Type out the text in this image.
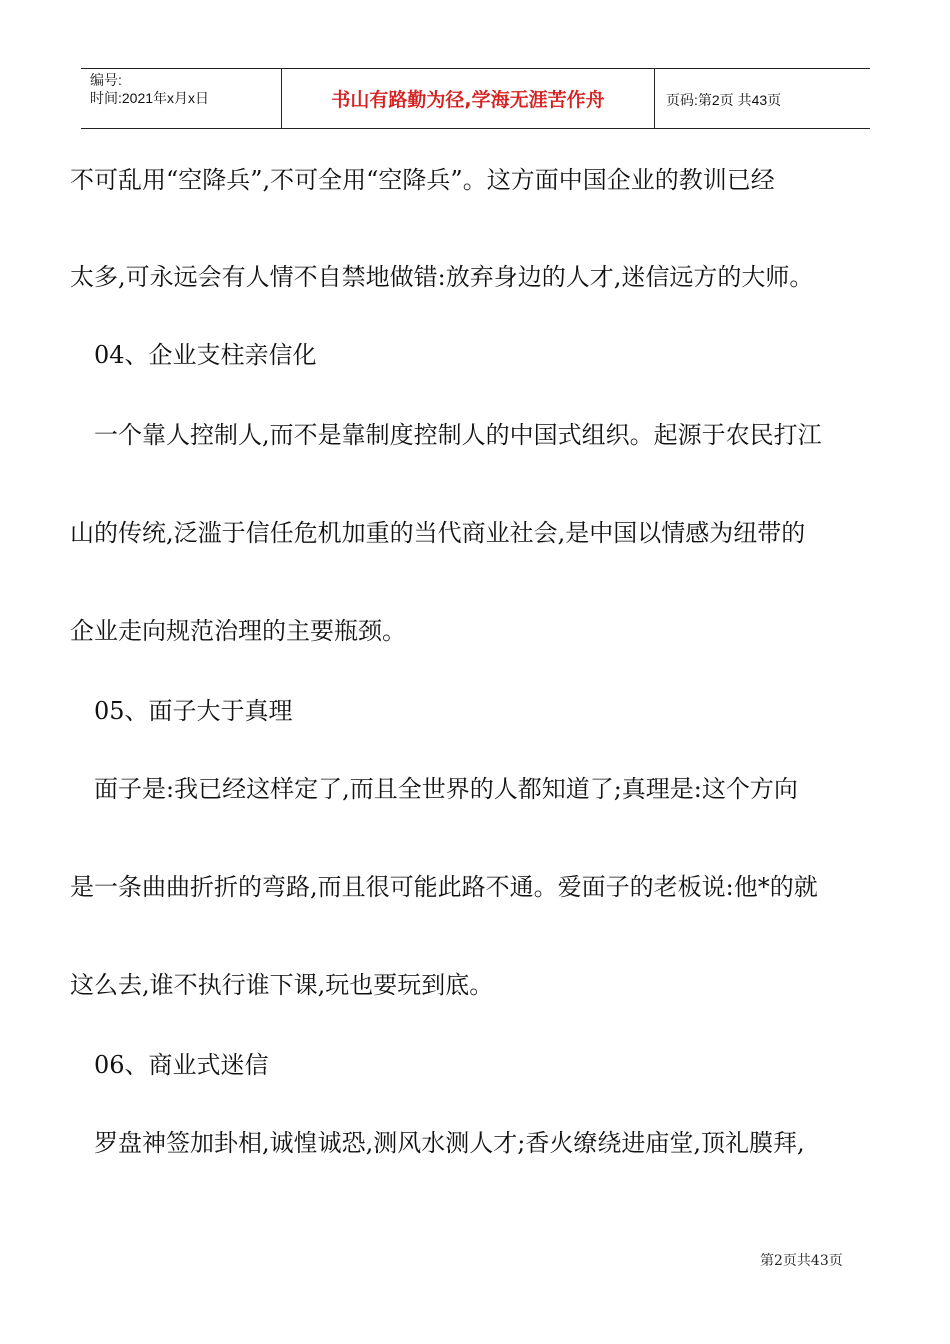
编号:
时间:2021年x月x日	书山有路勤为径,学海无涯苦作舟	页码:第2页 共43页
不可乱用“空降兵”,不可全用“空降兵”。这方面中国企业的教训已经
太多,可永远会有人情不自禁地做错:放弃身边的人才,迷信远方的大师。
04、企业支柱亲信化
一个靠人控制人,而不是靠制度控制人的中国式组织。起源于农民打江
山的传统,泛滥于信任危机加重的当代商业社会,是中国以情感为纽带的
企业走向规范治理的主要瓶颈。
05、面子大于真理
面子是:我已经这样定了,而且全世界的人都知道了;真理是:这个方向
是一条曲曲折折的弯路,而且很可能此路不通。爱面子的老板说:他*的就
这么去,谁不执行谁下课,玩也要玩到底。
06、商业式迷信
罗盘神签加卦相,诚惶诚恐,测风水测人才;香火缭绕进庙堂,顶礼膜拜,
第2页共43页
